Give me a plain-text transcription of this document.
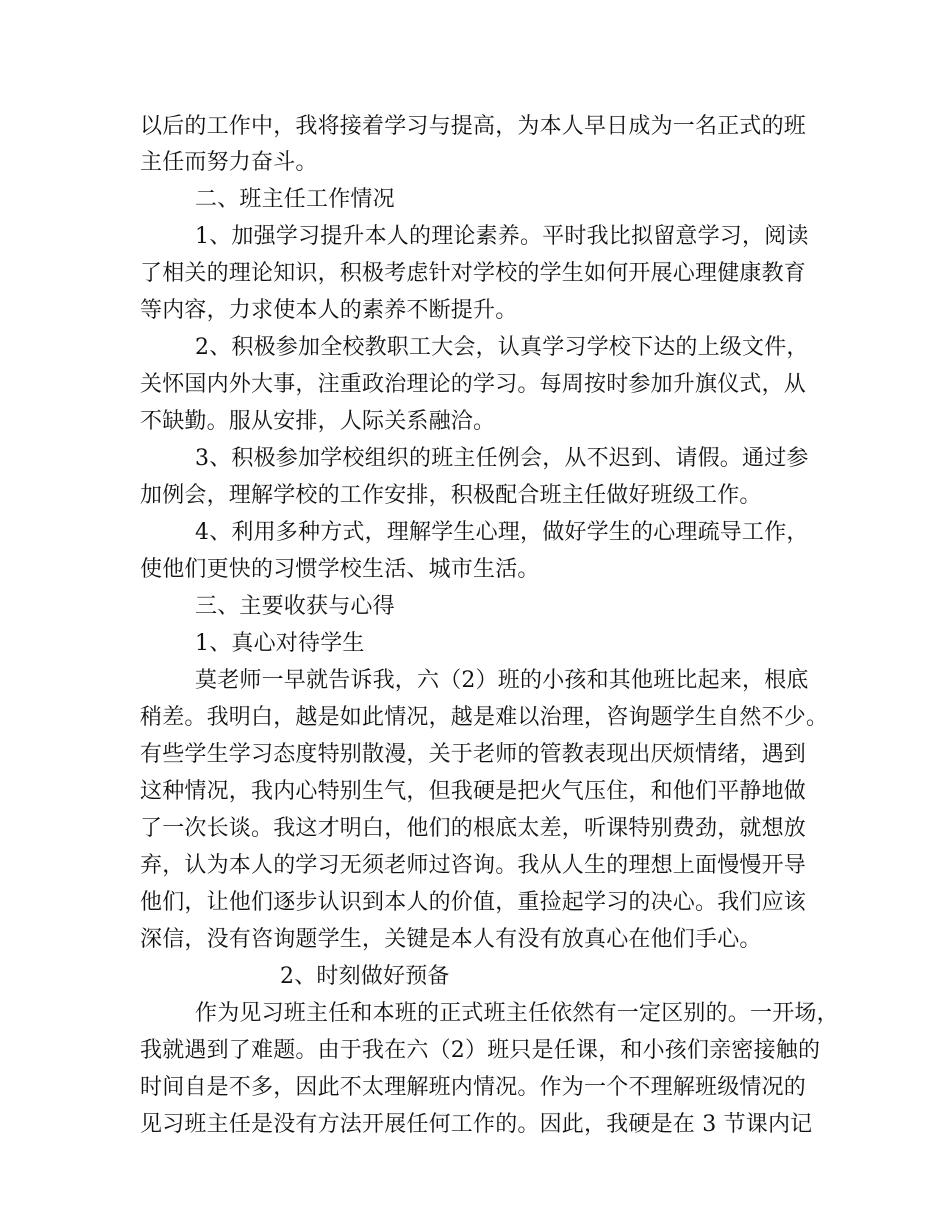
以后的工作中，我将接着学习与提高，为本人早日成为一名正式的班
主任而努力奋斗。
二、班主任工作情况
1、加强学习提升本人的理论素养。平时我比拟留意学习，阅读
了相关的理论知识，积极考虑针对学校的学生如何开展心理健康教育
等内容，力求使本人的素养不断提升。
2、积极参加全校教职工大会，认真学习学校下达的上级文件，
关怀国内外大事，注重政治理论的学习。每周按时参加升旗仪式，从
不缺勤。服从安排，人际关系融洽。
3、积极参加学校组织的班主任例会，从不迟到、请假。通过参
加例会，理解学校的工作安排，积极配合班主任做好班级工作。
4、利用多种方式，理解学生心理，做好学生的心理疏导工作，
使他们更快的习惯学校生活、城市生活。
三、主要收获与心得
1、真心对待学生
莫老师一早就告诉我，六（2）班的小孩和其他班比起来，根底
稍差。我明白，越是如此情况，越是难以治理，咨询题学生自然不少。
有些学生学习态度特别散漫，关于老师的管教表现出厌烦情绪，遇到
这种情况，我内心特别生气，但我硬是把火气压住，和他们平静地做
了一次长谈。我这才明白，他们的根底太差，听课特别费劲，就想放
弃，认为本人的学习无须老师过咨询。我从人生的理想上面慢慢开导
他们，让他们逐步认识到本人的价值，重捡起学习的决心。我们应该
深信，没有咨询题学生，关键是本人有没有放真心在他们手心。
2、时刻做好预备
作为见习班主任和本班的正式班主任依然有一定区别的。一开场，
我就遇到了难题。由于我在六（2）班只是任课，和小孩们亲密接触的
时间自是不多，因此不太理解班内情况。作为一个不理解班级情况的
见习班主任是没有方法开展任何工作的。因此，我硬是在 3 节课内记
